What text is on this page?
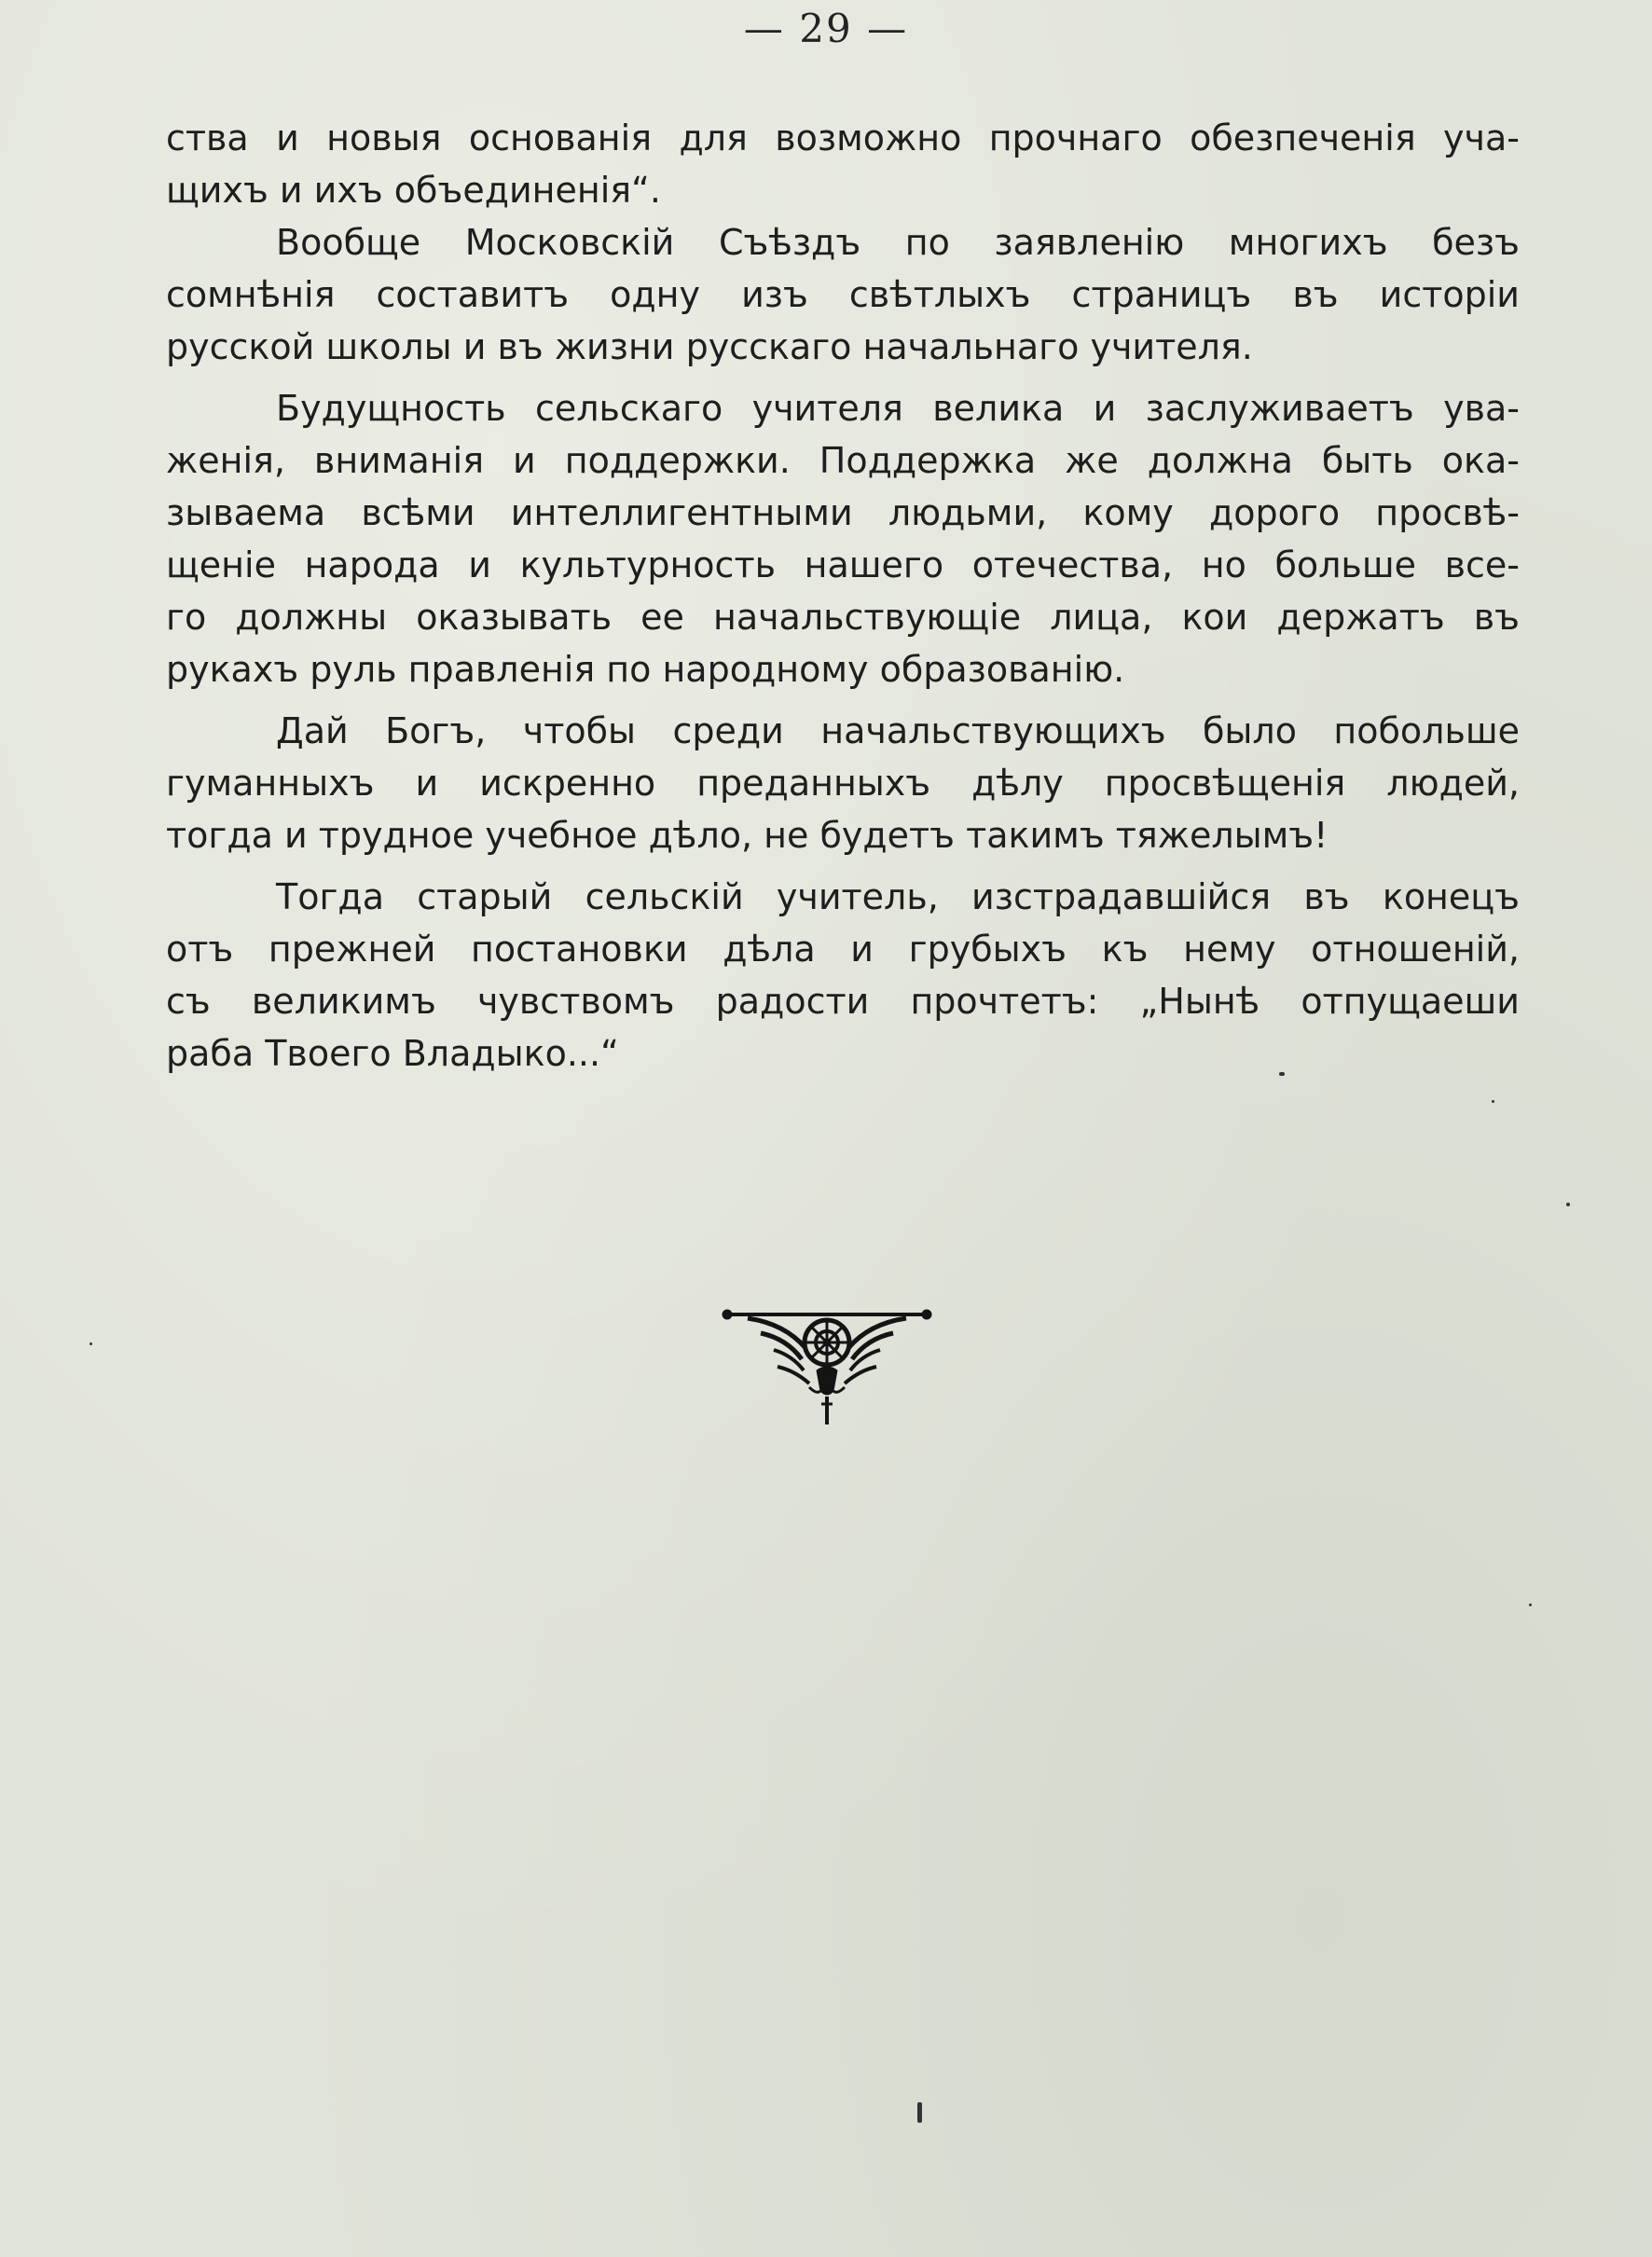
— 29 —
ства и новыя основанія для возможно прочнаго обезпеченія уча-
щихъ и ихъ объединенія“.
Вообще Московскій Съѣздъ по заявленію многихъ безъ
сомнѣнія составитъ одну изъ свѣтлыхъ страницъ въ исторіи
русской школы и въ жизни русскаго начальнаго учителя.
Будущность сельскаго учителя велика и заслуживаетъ ува-
женія, вниманія и поддержки. Поддержка же должна быть ока-
зываема всѣми интеллигентными людьми, кому дорого просвѣ-
щеніе народа и культурность нашего отечества, но больше все-
го должны оказывать ее начальствующіе лица, кои держатъ въ
рукахъ руль правленія по народному образованію.
Дай Богъ, чтобы среди начальствующихъ было побольше
гуманныхъ и искренно преданныхъ дѣлу просвѣщенія людей,
тогда и трудное учебное дѣло, не будетъ такимъ тяжелымъ!
Тогда старый сельскій учитель, изстрадавшійся въ конецъ
отъ прежней постановки дѣла и грубыхъ къ нему отношеній,
съ великимъ чувствомъ радости прочтетъ: „Нынѣ отпущаеши
раба Твоего Владыко...“
